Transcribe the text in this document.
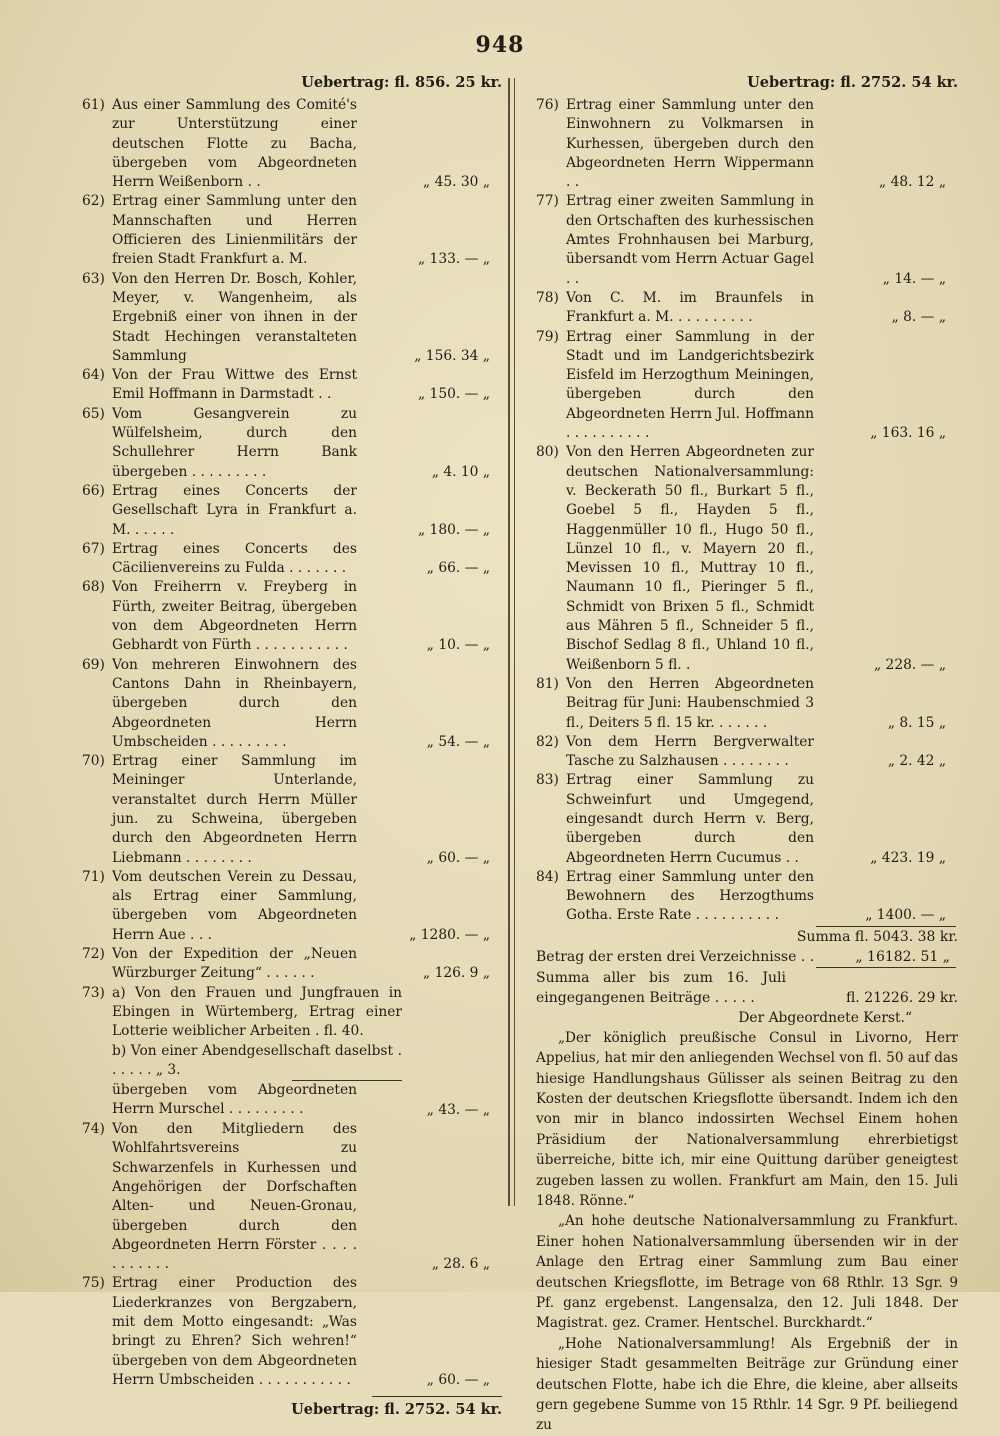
948
Uebertrag: fl. 856. 25 kr.
61) Aus einer Sammlung des Comité's zur Unterstützung einer deutschen Flotte zu Bacha, übergeben vom Abgeordneten Herrn Weißenborn . .	„ 45. 30 „
62) Ertrag einer Sammlung unter den Mannschaften und Herren Officieren des Linienmilitärs der freien Stadt Frankfurt a. M.	„ 133. — „
63) Von den Herren Dr. Bosch, Kohler, Meyer, v. Wangenheim, als Ergebniß einer von ihnen in der Stadt Hechingen veranstalteten Sammlung	„ 156. 34 „
64) Von der Frau Wittwe des Ernst Emil Hoffmann in Darmstadt . .	„ 150. — „
65) Vom Gesangverein zu Wülfelsheim, durch den Schullehrer Herrn Bank übergeben . . . . . . . . .	„ 4. 10 „
66) Ertrag eines Concerts der Gesellschaft Lyra in Frankfurt a. M. . . . . .	„ 180. — „
67) Ertrag eines Concerts des Cäcilienvereins zu Fulda . . . . . . .	„ 66. — „
68) Von Freiherrn v. Freyberg in Fürth, zweiter Beitrag, übergeben von dem Abgeordneten Herrn Gebhardt von Fürth . . . . . . . . . . .	„ 10. — „
69) Von mehreren Einwohnern des Cantons Dahn in Rheinbayern, übergeben durch den Abgeordneten Herrn Umbscheiden . . . . . . . . .	„ 54. — „
70) Ertrag einer Sammlung im Meininger Unterlande, veranstaltet durch Herrn Müller jun. zu Schweina, übergeben durch den Abgeordneten Herrn Liebmann . . . . . . . .	„ 60. — „
71) Vom deutschen Verein zu Dessau, als Ertrag einer Sammlung, übergeben vom Abgeordneten Herrn Aue . . .	„ 1280. — „
72) Von der Expedition der „Neuen Würzburger Zeitung“ . . . . . .	„ 126. 9 „
73) a) Von den Frauen und Jungfrauen in Ebingen in Würtemberg, Ertrag einer Lotterie weiblicher Arbeiten . fl. 40.
b) Von einer Abendgesellschaft daselbst . . . . . . „ 3.
übergeben vom Abgeordneten Herrn Murschel . . . . . . . . .	„ 43. — „
74) Von den Mitgliedern des Wohlfahrtsvereins zu Schwarzenfels in Kurhessen und Angehörigen der Dorfschaften Alten- und Neuen-Gronau, übergeben durch den Abgeordneten Herrn Förster . . . . . . . . . . .	„ 28. 6 „
75) Ertrag einer Production des Liederkranzes von Bergzabern, mit dem Motto eingesandt: „Was bringt zu Ehren? Sich wehren!“ übergeben von dem Abgeordneten Herrn Umbscheiden . . . . . . . . . . .	„ 60. — „
Uebertrag: fl. 2752. 54 kr.
Uebertrag: fl. 2752. 54 kr.
76) Ertrag einer Sammlung unter den Einwohnern zu Volkmarsen in Kurhessen, übergeben durch den Abgeordneten Herrn Wippermann . .	„ 48. 12 „
77) Ertrag einer zweiten Sammlung in den Ortschaften des kurhessischen Amtes Frohnhausen bei Marburg, übersandt vom Herrn Actuar Gagel . .	„ 14. — „
78) Von C. M. im Braunfels in Frankfurt a. M. . . . . . . . . .	„ 8. — „
79) Ertrag einer Sammlung in der Stadt und im Landgerichtsbezirk Eisfeld im Herzogthum Meiningen, übergeben durch den Abgeordneten Herrn Jul. Hoffmann . . . . . . . . . .	„ 163. 16 „
80) Von den Herren Abgeordneten zur deutschen Nationalversammlung: v. Beckerath 50 fl., Burkart 5 fl., Goebel 5 fl., Hayden 5 fl., Haggenmüller 10 fl., Hugo 50 fl., Lünzel 10 fl., v. Mayern 20 fl., Mevissen 10 fl., Muttray 10 fl., Naumann 10 fl., Pieringer 5 fl., Schmidt von Brixen 5 fl., Schmidt aus Mähren 5 fl., Schneider 5 fl., Bischof Sedlag 8 fl., Uhland 10 fl., Weißenborn 5 fl. .	„ 228. — „
81) Von den Herren Abgeordneten Beitrag für Juni: Haubenschmied 3 fl., Deiters 5 fl. 15 kr. . . . . . .	„ 8. 15 „
82) Von dem Herrn Bergverwalter Tasche zu Salzhausen . . . . . . . .	„ 2. 42 „
83) Ertrag einer Sammlung zu Schweinfurt und Umgegend, eingesandt durch Herrn v. Berg, übergeben durch den Abgeordneten Herrn Cucumus . .	„ 423. 19 „
84) Ertrag einer Sammlung unter den Bewohnern des Herzogthums Gotha. Erste Rate . . . . . . . . . .	„ 1400. — „
Summa fl. 5043. 38 kr.
Betrag der ersten drei Verzeichnisse . .	„ 16182. 51 „
Summa aller bis zum 16. Juli eingegangenen Beiträge . . . . .	fl. 21226. 29 kr.
Der Abgeordnete Kerst.“

„Der königlich preußische Consul in Livorno, Herr Appelius, hat mir den anliegenden Wechsel von fl. 50 auf das hiesige Handlungshaus Gülisser als seinen Beitrag zu den Kosten der deutschen Kriegsflotte übersandt. Indem ich den von mir in blanco indossirten Wechsel Einem hohen Präsidium der Nationalversammlung ehrerbietigst überreiche, bitte ich, mir eine Quittung darüber geneigtest zugeben lassen zu wollen. Frankfurt am Main, den 15. Juli 1848. Rönne.“

„An hohe deutsche Nationalversammlung zu Frankfurt. Einer hohen Nationalversammlung übersenden wir in der Anlage den Ertrag einer Sammlung zum Bau einer deutschen Kriegsflotte, im Betrage von 68 Rthlr. 13 Sgr. 9 Pf. ganz ergebenst. Langensalza, den 12. Juli 1848. Der Magistrat. gez. Cramer. Hentschel. Burckhardt.“

„Hohe Nationalversammlung! Als Ergebniß der in hiesiger Stadt gesammelten Beiträge zur Gründung einer deutschen Flotte, habe ich die Ehre, die kleine, aber allseits gern gegebene Summe von 15 Rthlr. 14 Sgr. 9 Pf. beiliegend zu
